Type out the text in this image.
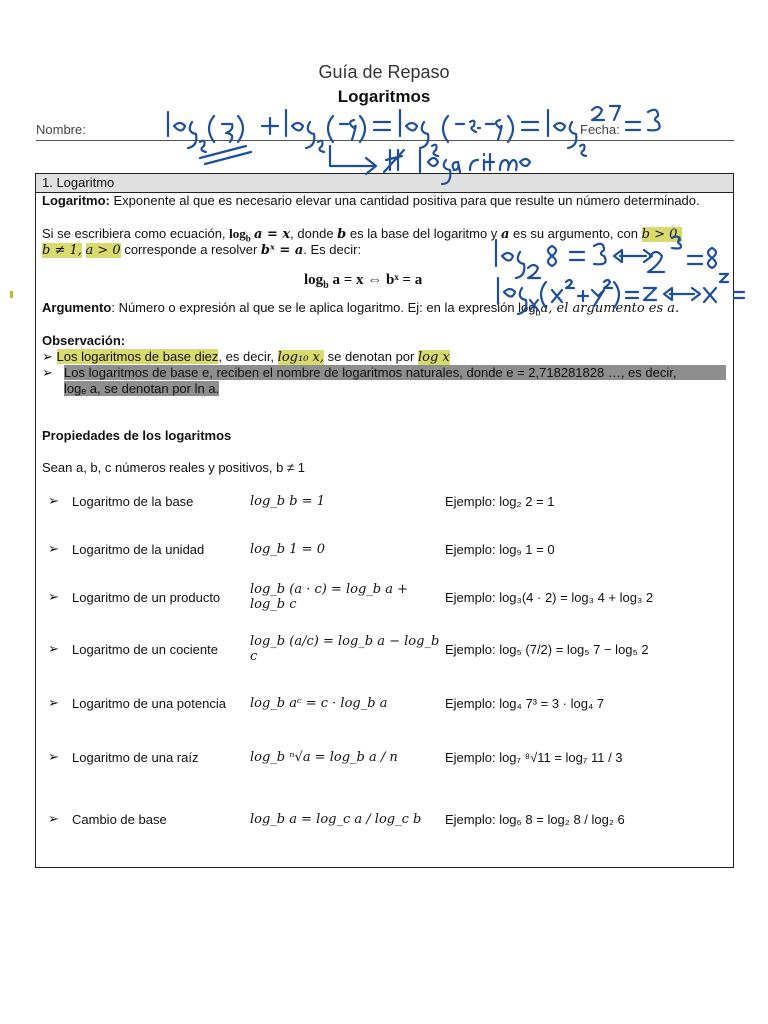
Guía de Repaso
Logaritmos
Nombre:	Fecha:
1. Logaritmo
Logaritmo: Exponente al que es necesario elevar una cantidad positiva para que resulte un número determinado.
Si se escribiera como ecuación, $\log_b a = x$, donde b es la base del logaritmo y a es su argumento, con b > 0,
b ≠ 1, a > 0 corresponde a resolver bˣ = a. Es decir:
$\log_b a = x$ ⇔ bˣ = a
Argumento: Número o expresión al que se le aplica logaritmo. Ej: en la expresión $\log_ba$, el argumento es a.
Observación:
➢ Los logaritmos de base diez, es decir, log₁₀ x, se denotan por log x
➢ Los logaritmos de base e, reciben el nombre de logaritmos naturales, donde e = 2,718281828 …, es decir,
logₑ a, se denotan por ln a.
Propiedades de los logaritmos
Sean a, b, c números reales y positivos, b ≠ 1
➢	Logaritmo de la base	log_b b = 1	Ejemplo: log₂ 2 = 1
➢	Logaritmo de la unidad	log_b 1 = 0	Ejemplo: log₉ 1 = 0
➢	Logaritmo de un producto	log_b (a · c) = log_b a + log_b c	Ejemplo: log₃(4 · 2) = log₃ 4 + log₃ 2
➢	Logaritmo de un cociente	log_b (a/c) = log_b a − log_b c	Ejemplo: log₅ (7/2) = log₅ 7 − log₅ 2
➢	Logaritmo de una potencia	log_b aᶜ = c · log_b a	Ejemplo: log₄ 7³ = 3 · log₄ 7
➢	Logaritmo de una raíz	log_b ⁿ√a = log_b a / n	Ejemplo: log₇ ⁸√11 = log₇ 11 / 3
➢	Cambio de base	log_b a = log_c a / log_c b	Ejemplo: log₆ 8 = log₂ 8 / log₂ 6
